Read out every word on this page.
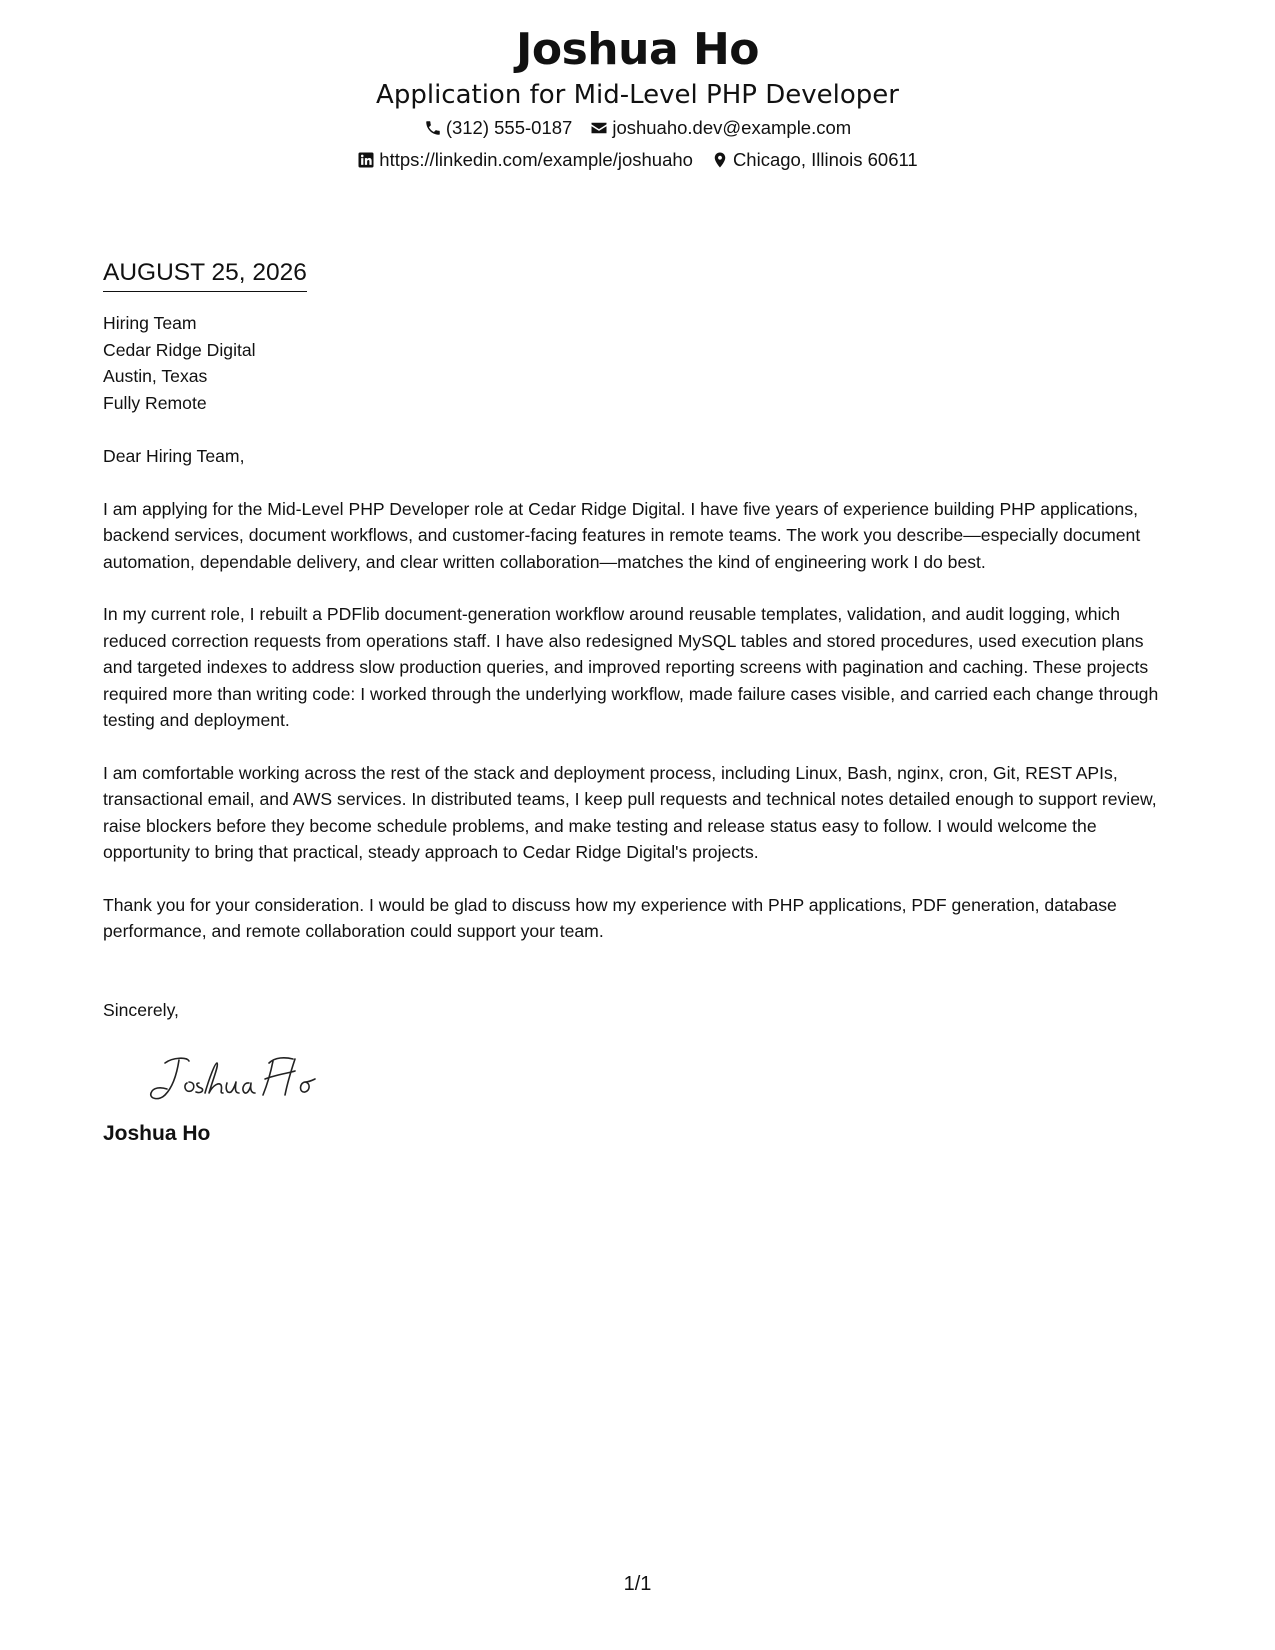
Joshua Ho
Application for Mid-Level PHP Developer
(312) 555-0187 joshuaho.dev@example.com
https://linkedin.com/example/joshuaho Chicago, Illinois 60611
AUGUST 25, 2026
Hiring Team
Cedar Ridge Digital
Austin, Texas
Fully Remote
Dear Hiring Team,

I am applying for the Mid-Level PHP Developer role at Cedar Ridge Digital. I have five years of experience building PHP applications, backend services, document workflows, and customer-facing features in remote teams. The work you describe—especially document automation, dependable delivery, and clear written collaboration—matches the kind of engineering work I do best.

In my current role, I rebuilt a PDFlib document-generation workflow around reusable templates, validation, and audit logging, which reduced correction requests from operations staff. I have also redesigned MySQL tables and stored procedures, used execution plans and targeted indexes to address slow production queries, and improved reporting screens with pagination and caching. These projects required more than writing code: I worked through the underlying workflow, made failure cases visible, and carried each change through testing and deployment.

I am comfortable working across the rest of the stack and deployment process, including Linux, Bash, nginx, cron, Git, REST APIs, transactional email, and AWS services. In distributed teams, I keep pull requests and technical notes detailed enough to support review, raise blockers before they become schedule problems, and make testing and release status easy to follow. I would welcome the opportunity to bring that practical, steady approach to Cedar Ridge Digital's projects.

Thank you for your consideration. I would be glad to discuss how my experience with PHP applications, PDF generation, database performance, and remote collaboration could support your team.

Sincerely,
Joshua Ho
1/1
